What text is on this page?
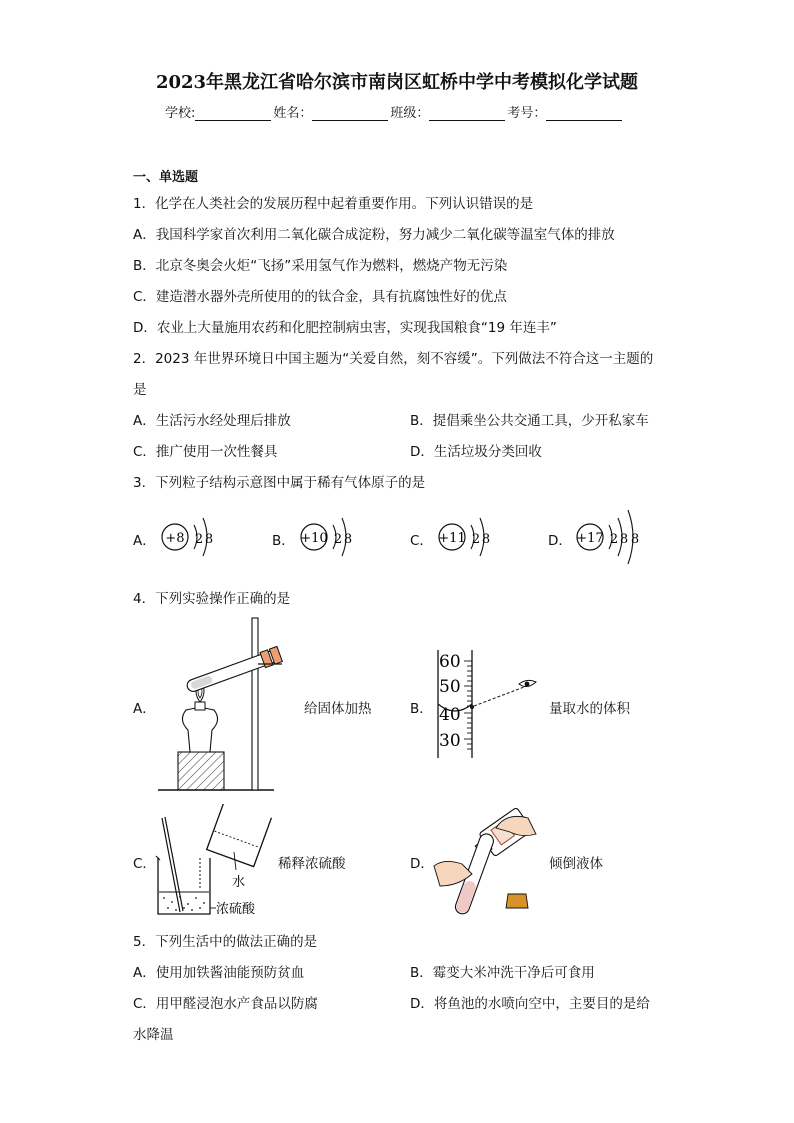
2023年黑龙江省哈尔滨市南岗区虹桥中学中考模拟化学试题
学校:	姓名：	班级：	考号：
一、单选题
1．化学在人类社会的发展历程中起着重要作用。下列认识错误的是
A．我国科学家首次利用二氧化碳合成淀粉，努力减少二氧化碳等温室气体的排放
B．北京冬奥会火炬“飞扬”采用氢气作为燃料，燃烧产物无污染
C．建造潜水器外壳所使用的的钛合金，具有抗腐蚀性好的优点
D．农业上大量施用农药和化肥控制病虫害，实现我国粮食“19 年连丰”
2．2023 年世界环境日中国主题为“关爱自然，刻不容缓”。下列做法不符合这一主题的
是
A．生活污水经处理后排放	B．提倡乘坐公共交通工具，少开私家车
C．推广使用一次性餐具	D．生活垃圾分类回收
3．下列粒子结构示意图中属于稀有气体原子的是
A． +8 2 8	B． +10 2 8	C． +11 2 8	D． +17 2 8 8
4．下列实验操作正确的是
A．	给固体加热	B．
60
50
40
30
量取水的体积
C．
水
浓硫酸
稀释浓硫酸	D．	倾倒液体
5．下列生活中的做法正确的是
A．使用加铁酱油能预防贫血	B．霉变大米冲洗干净后可食用
C．用甲醛浸泡水产食品以防腐	D．将鱼池的水喷向空中，主要目的是给
水降温
